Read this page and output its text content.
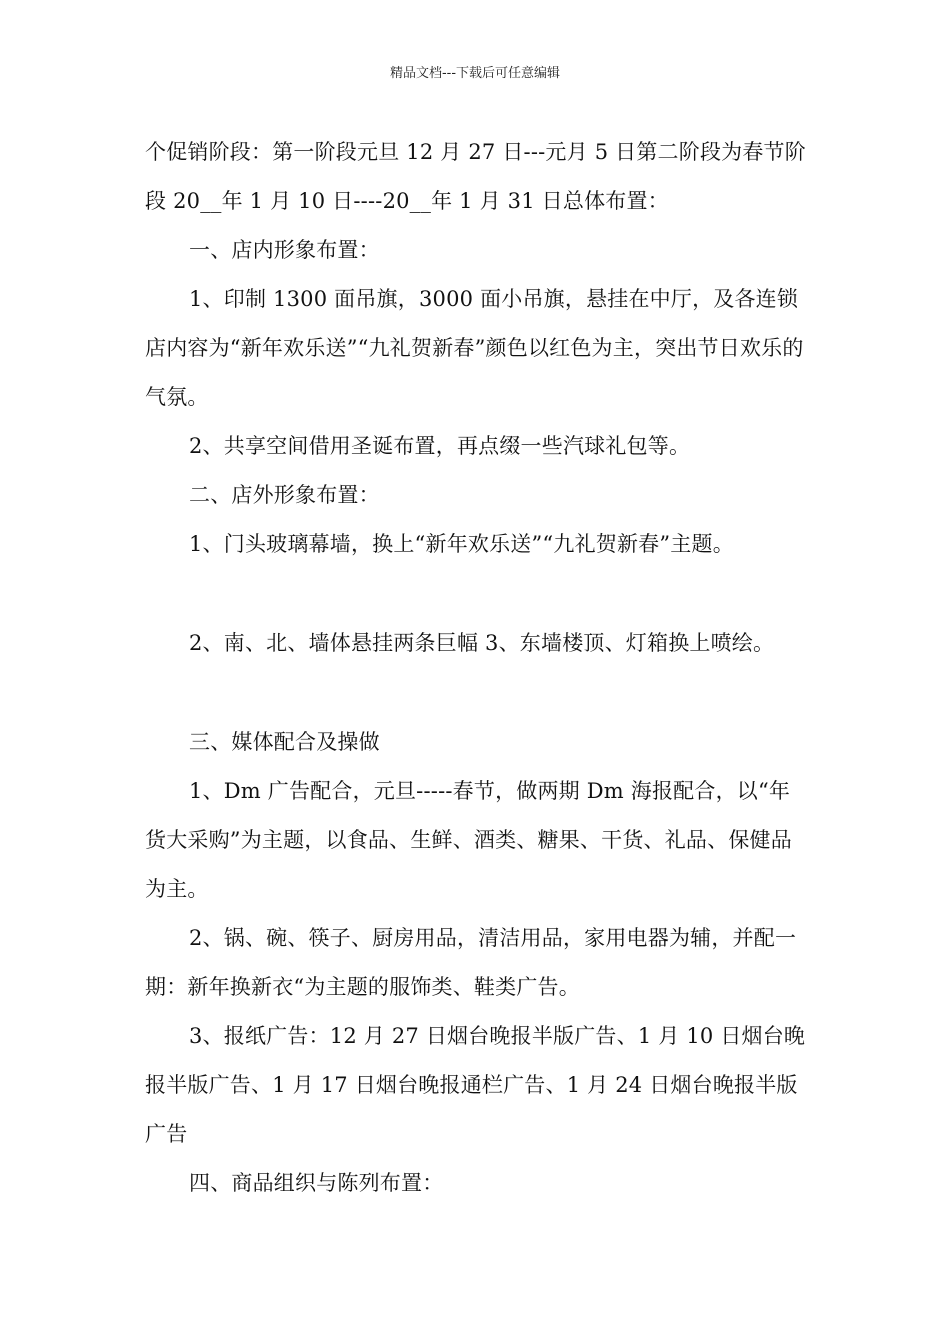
精品文档---下载后可任意编辑

个促销阶段：第一阶段元旦 12 月 27 日---元月 5 日第二阶段为春节阶段 20__年 1 月 10 日----20__年 1 月 31 日总体布置：

一、店内形象布置：

1、印制 1300 面吊旗，3000 面小吊旗，悬挂在中厅，及各连锁店内容为“新年欢乐送”“九礼贺新春”颜色以红色为主，突出节日欢乐的气氛。

2、共享空间借用圣诞布置，再点缀一些汽球礼包等。

二、店外形象布置：

1、门头玻璃幕墙，换上“新年欢乐送”“九礼贺新春”主题。

2、南、北、墙体悬挂两条巨幅 3、东墙楼顶、灯箱换上喷绘。

三、媒体配合及操做

1、Dm 广告配合，元旦-----春节，做两期 Dm 海报配合，以“年货大采购”为主题，以食品、生鲜、酒类、糖果、干货、礼品、保健品为主。

2、锅、碗、筷子、厨房用品，清洁用品，家用电器为辅，并配一期：新年换新衣“为主题的服饰类、鞋类广告。

3、报纸广告：12 月 27 日烟台晚报半版广告、1 月 10 日烟台晚报半版广告、1 月 17 日烟台晚报通栏广告、1 月 24 日烟台晚报半版广告

四、商品组织与陈列布置：
